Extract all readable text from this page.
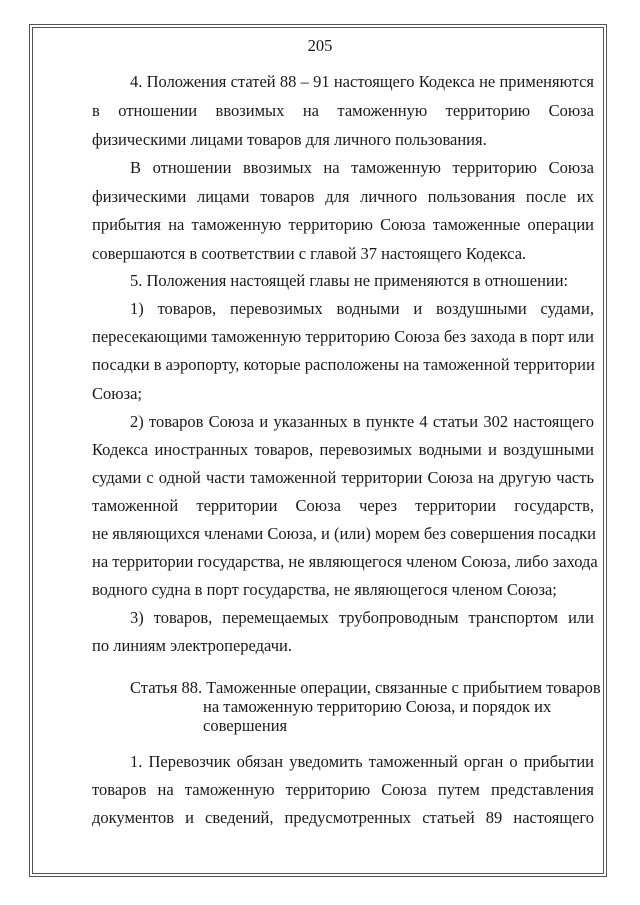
205
4. Положения статей 88 – 91 настоящего Кодекса не применяются
в отношении ввозимых на таможенную территорию Союза
физическими лицами товаров для личного пользования.
В отношении ввозимых на таможенную территорию Союза
физическими лицами товаров для личного пользования после их
прибытия на таможенную территорию Союза таможенные операции
совершаются в соответствии с главой 37 настоящего Кодекса.
5. Положения настоящей главы не применяются в отношении:
1) товаров, перевозимых водными и воздушными судами,
пересекающими таможенную территорию Союза без захода в порт или
посадки в аэропорту, которые расположены на таможенной территории
Союза;
2) товаров Союза и указанных в пункте 4 статьи 302 настоящего
Кодекса иностранных товаров, перевозимых водными и воздушными
судами с одной части таможенной территории Союза на другую часть
таможенной территории Союза через территории государств,
не являющихся членами Союза, и (или) морем без совершения посадки
на территории государства, не являющегося членом Союза, либо захода
водного судна в порт государства, не являющегося членом Союза;
3) товаров, перемещаемых трубопроводным транспортом или
по линиям электропередачи.
Статья 88. Таможенные операции, связанные с прибытием товаров
на таможенную территорию Союза, и порядок их
совершения
1. Перевозчик обязан уведомить таможенный орган о прибытии
товаров на таможенную территорию Союза путем представления
документов и сведений, предусмотренных статьей 89 настоящего
